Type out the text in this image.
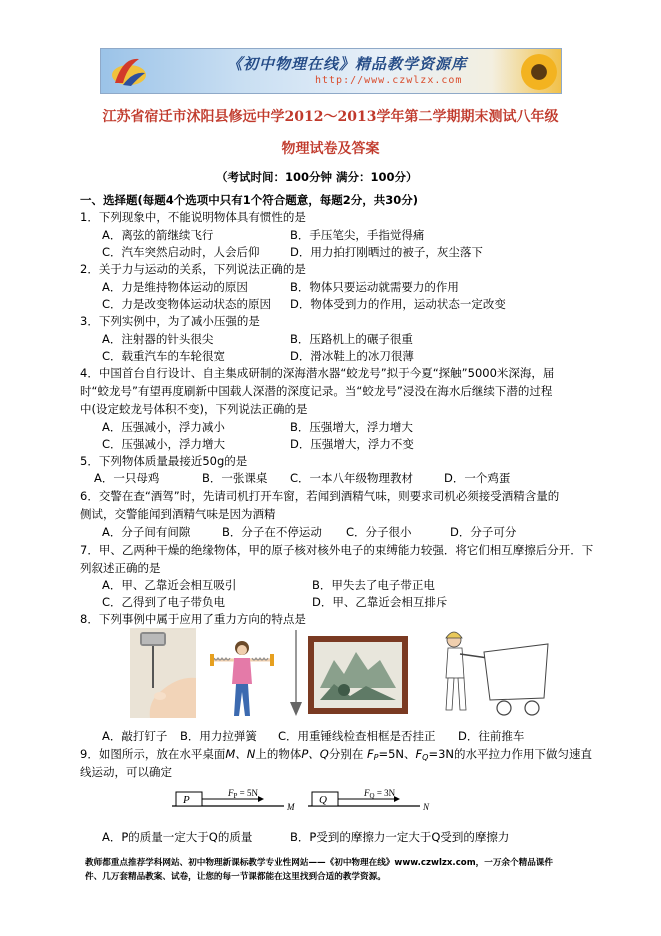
《初中物理在线》精品教学资源库
http://www.czwlzx.com
江苏省宿迁市沭阳县修远中学2012～2013学年第二学期期末测试八年级
物理试卷及答案
（考试时间：100分钟 满分：100分）
一、选择题(每题4个选项中只有1个符合题意，每题2分，共30分)
1．下列现象中，不能说明物体具有惯性的是
A．离弦的箭继续飞行	B．手压笔尖，手指觉得痛
C．汽车突然启动时，人会后仰	D．用力拍打刚晒过的被子，灰尘落下
2．关于力与运动的关系，下列说法正确的是
A．力是维持物体运动的原因	B．物体只要运动就需要力的作用
C．力是改变物体运动状态的原因 D．物体受到力的作用，运动状态一定改变
3．下列实例中，为了减小压强的是
A．注射器的针头很尖	B．压路机上的碾子很重
C．载重汽车的车轮很宽	D．滑冰鞋上的冰刀很薄
4．中国首台自行设计、自主集成研制的深海潜水器“蛟龙号”拟于今夏“探触”5000米深海，届
时“蛟龙号”有望再度刷新中国载人深潜的深度记录。当“蛟龙号”浸没在海水后继续下潜的过程
中(设定蛟龙号体积不变)，下列说法正确的是
A．压强减小，浮力减小	B．压强增大，浮力增大
C．压强减小，浮力增大	D．压强增大，浮力不变
5．下列物体质量最接近50g的是
A．一只母鸡	B．一张课桌 C．一本八年级物理教材	D．一个鸡蛋
6．交警在查“酒驾”时，先请司机打开车窗，若闻到酒精气味，则要求司机必须接受酒精含量的
侧试，交警能闻到酒精气味是因为酒精
A．分子间有间隙	B．分子在不停运动 C．分子很小	D．分子可分
7．甲、乙两种干燥的绝缘物体，甲的原子核对核外电子的束缚能力较强．将它们相互摩擦后分开．下
列叙述正确的是
A．甲、乙靠近会相互吸引	B．甲失去了电子带正电
C．乙得到了电子带负电	D．甲、乙靠近会相互排斥
8．下列事例中属于应用了重力方向的特点是
A．敲打钉子 B．用力拉弹簧 C．用重锤线检查相框是否挂正 D．往前推车
9．如图所示，放在水平桌面M、N上的物体P、Q分别在 $F_P=5N$、$F_Q=3N$的水平拉力作用下做匀速直
线运动，可以确定
P
$F_P = 5N$
M
Q
$F_Q = 3N$
N
A．P的质量一定大于Q的质量	B．P受到的摩擦力一定大于Q受到的摩擦力
教师都重点推荐学科网站、初中物理新课标教学专业性网站——《初中物理在线》www.czwlzx.com，一万余个精品课件
件、几万套精品教案、试卷，让您的每一节课都能在这里找到合适的教学资源。
